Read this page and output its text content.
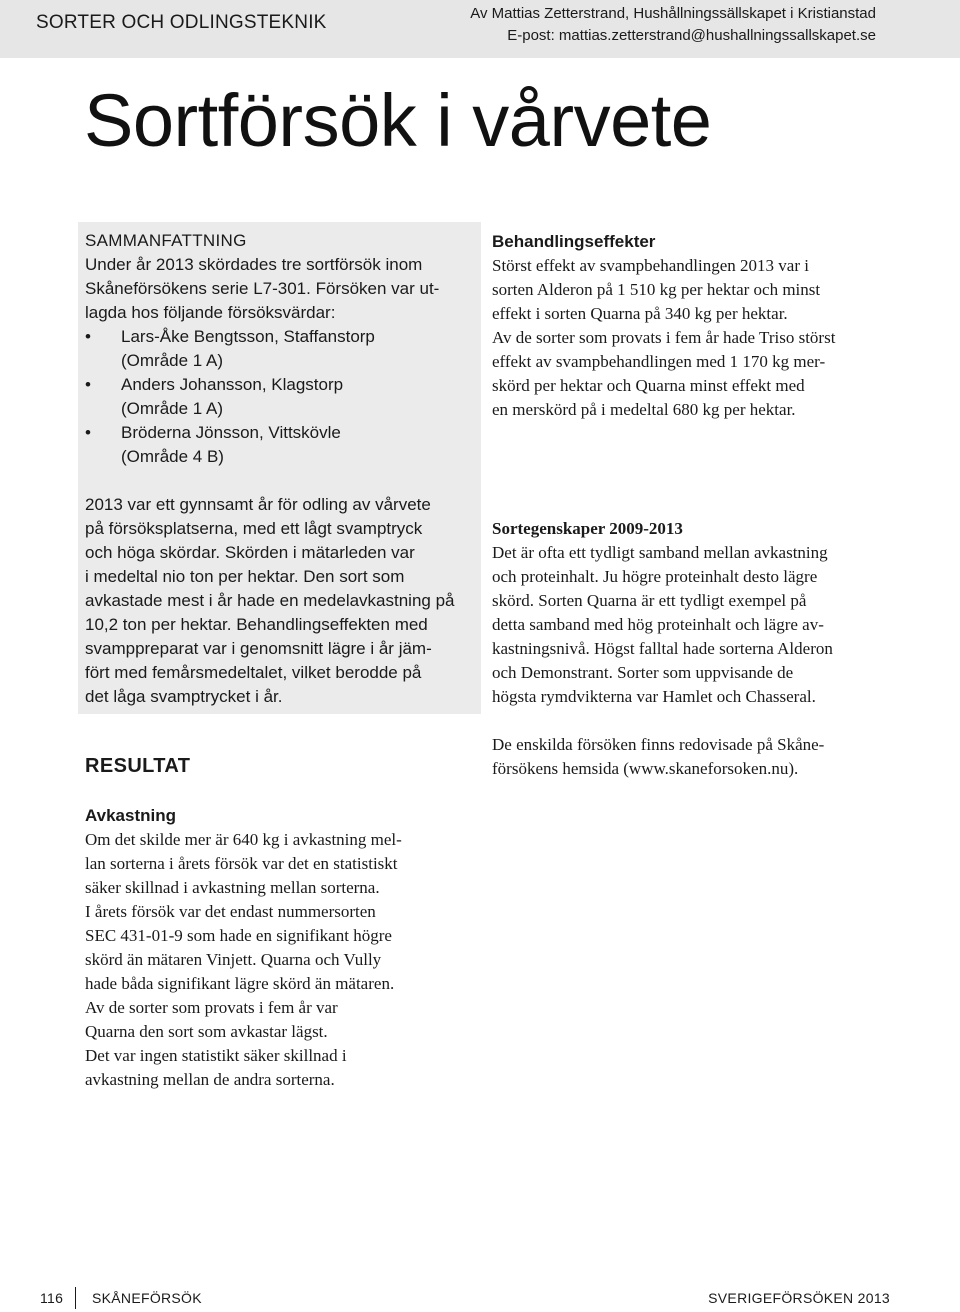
SORTER OCH ODLINGSTEKNIK	Av Mattias Zetterstrand, Hushållningssällskapet i Kristianstad
E-post: mattias.zetterstrand@hushallningssallskapet.se
Sortförsök i vårvete

SAMMANFATTNING

Under år 2013 skördades tre sortförsök inom

Skåneförsökens serie L7-301. Försöken var ut-

lagda hos följande försöksvärdar:

• Lars-Åke Bengtsson, Staffanstorp
(Område 1 A)
• Anders Johansson, Klagstorp
(Område 1 A)
• Bröderna Jönsson, Vittskövle
(Område 4 B)

2013 var ett gynnsamt år för odling av vårvete

på försöksplatserna, med ett lågt svamptryck

och höga skördar. Skörden i mätarleden var

i medeltal nio ton per hektar. Den sort som

avkastade mest i år hade en medelavkastning på

10,2 ton per hektar. Behandlingseffekten med

svamppreparat var i genomsnitt lägre i år jäm-

fört med femårsmedeltalet, vilket berodde på

det låga svamptrycket i år.

RESULTAT
Avkastning

Om det skilde mer är 640 kg i avkastning mel-

lan sorterna i årets försök var det en statistiskt

säker skillnad i avkastning mellan sorterna.

I årets försök var det endast nummersorten

SEC 431-01-9 som hade en signifikant högre

skörd än mätaren Vinjett. Quarna och Vully

hade båda signifikant lägre skörd än mätaren.

Av de sorter som provats i fem år var

Quarna den sort som avkastar lägst.

Det var ingen statistikt säker skillnad i

avkastning mellan de andra sorterna.

Behandlingseffekter

Störst effekt av svampbehandlingen 2013 var i

sorten Alderon på 1 510 kg per hektar och minst

effekt i sorten Quarna på 340 kg per hektar.

Av de sorter som provats i fem år hade Triso störst

effekt av svampbehandlingen med 1 170 kg mer-

skörd per hektar och Quarna minst effekt med

en merskörd på i medeltal 680 kg per hektar.

Sortegenskaper 2009-2013

Det är ofta ett tydligt samband mellan avkastning

och proteinhalt. Ju högre proteinhalt desto lägre

skörd. Sorten Quarna är ett tydligt exempel på

detta samband med hög proteinhalt och lägre av-

kastningsnivå. Högst falltal hade sorterna Alderon

och Demonstrant. Sorter som uppvisande de

högsta rymdvikterna var Hamlet och Chasseral.

De enskilda försöken finns redovisade på Skåne-

försökens hemsida (www.skaneforsoken.nu).

116 SKÅNEFÖRSÖK	SVERIGEFÖRSÖKEN 2013
